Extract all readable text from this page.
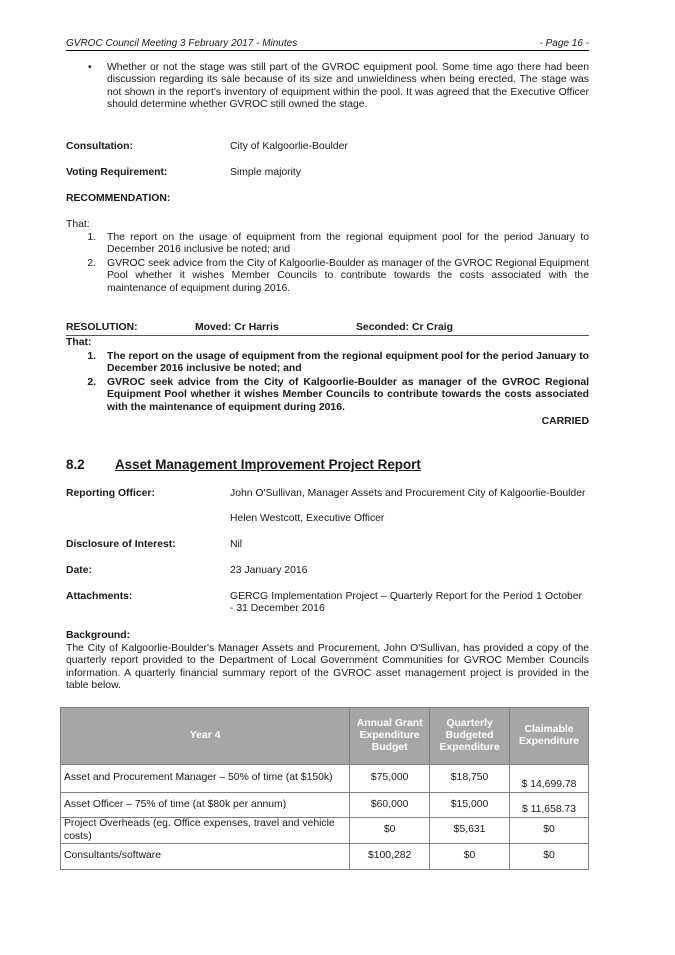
GVROC Council Meeting 3 February 2017 - Minutes	- Page 16 -
• Whether or not the stage was still part of the GVROC equipment pool. Some time ago there had been discussion regarding its sale because of its size and unwieldiness when being erected. The stage was not shown in the report's inventory of equipment within the pool. It was agreed that the Executive Officer should determine whether GVROC still owned the stage.
Consultation:	City of Kalgoorlie-Boulder
Voting Requirement:	Simple majority
RECOMMENDATION:
That:
1. The report on the usage of equipment from the regional equipment pool for the period January to December 2016 inclusive be noted; and
2. GVROC seek advice from the City of Kalgoorlie-Boulder as manager of the GVROC Regional Equipment Pool whether it wishes Member Councils to contribute towards the costs associated with the maintenance of equipment during 2016.
RESOLUTION:	Moved: Cr Harris	Seconded: Cr Craig
That:
1. The report on the usage of equipment from the regional equipment pool for the period January to December 2016 inclusive be noted; and
2. GVROC seek advice from the City of Kalgoorlie-Boulder as manager of the GVROC Regional Equipment Pool whether it wishes Member Councils to contribute towards the costs associated with the maintenance of equipment during 2016.
CARRIED
8.2 Asset Management Improvement Project Report
Reporting Officer:	John O'Sullivan, Manager Assets and Procurement City of Kalgoorlie-Boulder
Helen Westcott, Executive Officer
Disclosure of Interest:	Nil
Date:	23 January 2016
Attachments:	GERCG Implementation Project – Quarterly Report for the Period 1 October - 31 December 2016
Background:
The City of Kalgoorlie-Boulder's Manager Assets and Procurement, John O'Sullivan, has provided a copy of the quarterly report provided to the Department of Local Government Communities for GVROC Member Councils information. A quarterly financial summary report of the GVROC asset management project is provided in the table below.
Year 4	Annual Grant Expenditure Budget	Quarterly Budgeted Expenditure	Claimable Expenditure
Asset and Procurement Manager – 50% of time (at $150k)	$75,000	$18,750	$ 14,699.78
Asset Officer – 75% of time (at $80k per annum)	$60,000	$15,000	$ 11,658.73
Project Overheads (eg. Office expenses, travel and vehicle costs)	$0	$5,631	$0
Consultants/software	$100,282	$0	$0
